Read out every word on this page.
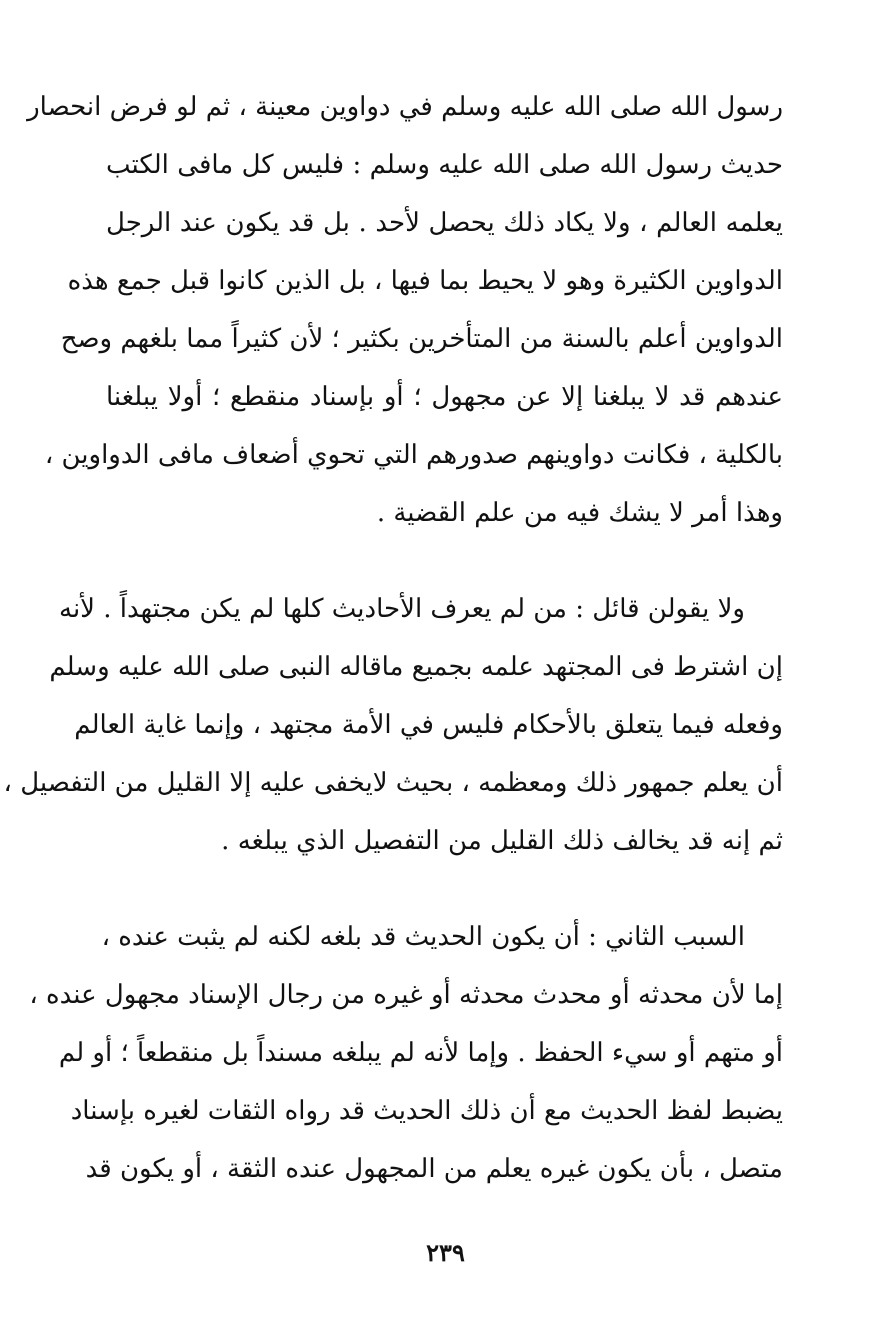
رسول الله صلى الله عليه وسلم في دواوين معينة ، ثم لو فرض انحصار
حديث رسول الله صلى الله عليه وسلم : فليس كل مافى الكتب
يعلمه العالم ، ولا يكاد ذلك يحصل لأحد . بل قد يكون عند الرجل
الدواوين الكثيرة وهو لا يحيط بما فيها ، بل الذين كانوا قبل جمع هذه
الدواوين أعلم بالسنة من المتأخرين بكثير ؛ لأن كثيراً مما بلغهم وصح
عندهم قد لا يبلغنا إلا عن مجهول ؛ أو بإسناد منقطع ؛ أولا يبلغنا
بالكلية ، فكانت دواوينهم صدورهم التي تحوي أضعاف مافى الدواوين ،
وهذا أمر لا يشك فيه من علم القضية .
ولا يقولن قائل : من لم يعرف الأحاديث كلها لم يكن مجتهداً . لأنه
إن اشترط فى المجتهد علمه بجميع ماقاله النبى صلى الله عليه وسلم
وفعله فيما يتعلق بالأحكام فليس في الأمة مجتهد ، وإنما غاية العالم
أن يعلم جمهور ذلك ومعظمه ، بحيث لايخفى عليه إلا القليل من التفصيل ،
ثم إنه قد يخالف ذلك القليل من التفصيل الذي يبلغه .
السبب الثاني : أن يكون الحديث قد بلغه لكنه لم يثبت عنده ،
إما لأن محدثه أو محدث محدثه أو غيره من رجال الإسناد مجهول عنده ،
أو متهم أو سيء الحفظ . وإما لأنه لم يبلغه مسنداً بل منقطعاً ؛ أو لم
يضبط لفظ الحديث مع أن ذلك الحديث قد رواه الثقات لغيره بإسناد
متصل ، بأن يكون غيره يعلم من المجهول عنده الثقة ، أو يكون قد
٢٣٩
